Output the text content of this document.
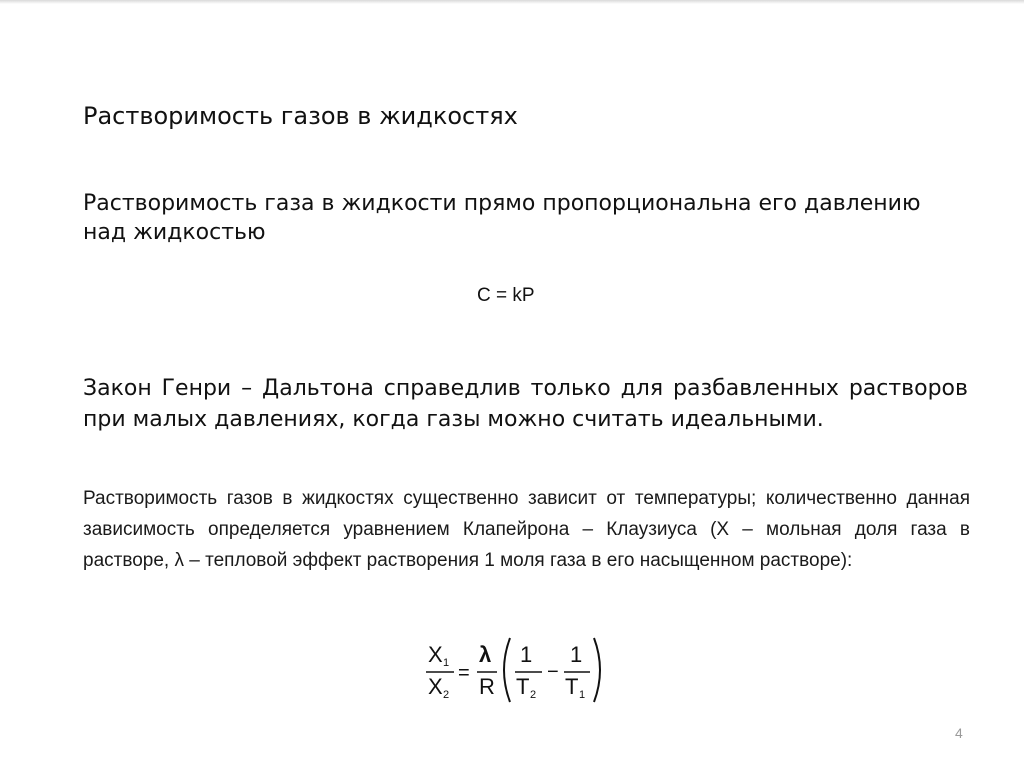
Растворимость газов в жидкостях

Растворимость газа в жидкости прямо пропорциональна его давлению над жидкостью

C = kP

Закон Генри – Дальтона справедлив только для разбавленных растворов при малых давлениях, когда газы можно считать идеальными.

Растворимость газов в жидкостях существенно зависит от температуры; количественно данная зависимость определяется уравнением Клапейрона – Клаузиуса (Х – мольная доля газа в растворе, λ – тепловой эффект растворения 1 моля газа в его насыщенном растворе):

X 1
X 2
=
λ
R
1
T 2
−
1
T 1
4
